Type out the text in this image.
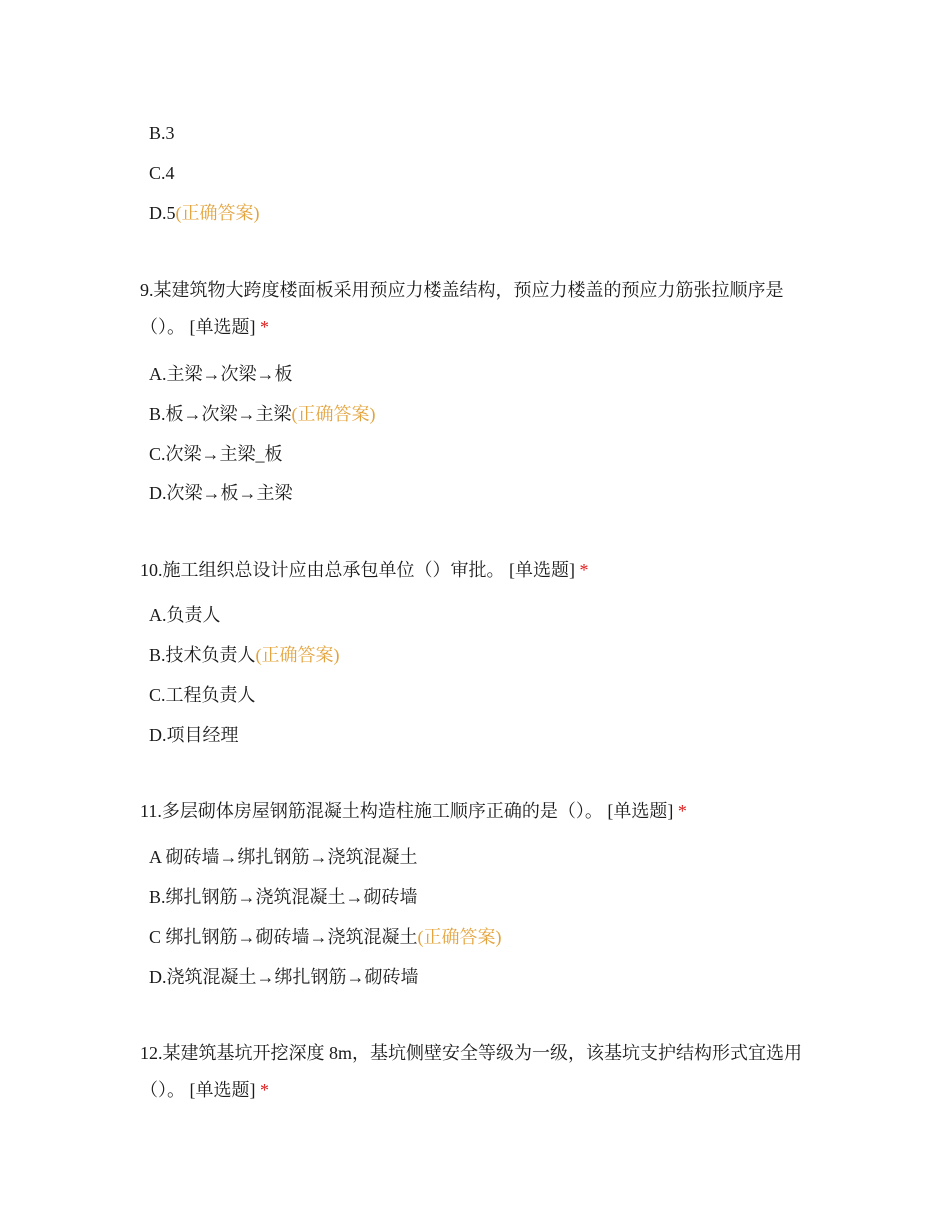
B.3
C.4
D.5(正确答案)
9.某建筑物大跨度楼面板采用预应力楼盖结构，预应力楼盖的预应力筋张拉顺序是（）。 [单选题] *
A.主梁→次梁→板
B.板→次梁→主梁(正确答案)
C.次梁→主梁_板
D.次梁→板→主梁
10.施工组织总设计应由总承包单位（）审批。 [单选题] *
A.负责人
B.技术负责人(正确答案)
C.工程负责人
D.项目经理
11.多层砌体房屋钢筋混凝土构造柱施工顺序正确的是（）。 [单选题] *
A 砌砖墙→绑扎钢筋→浇筑混凝土
B.绑扎钢筋→浇筑混凝土→砌砖墙
C 绑扎钢筋→砌砖墙→浇筑混凝土(正确答案)
D.浇筑混凝土→绑扎钢筋→砌砖墙
12.某建筑基坑开挖深度 8m，基坑侧壁安全等级为一级，该基坑支护结构形式宜选用（）。 [单选题] *
